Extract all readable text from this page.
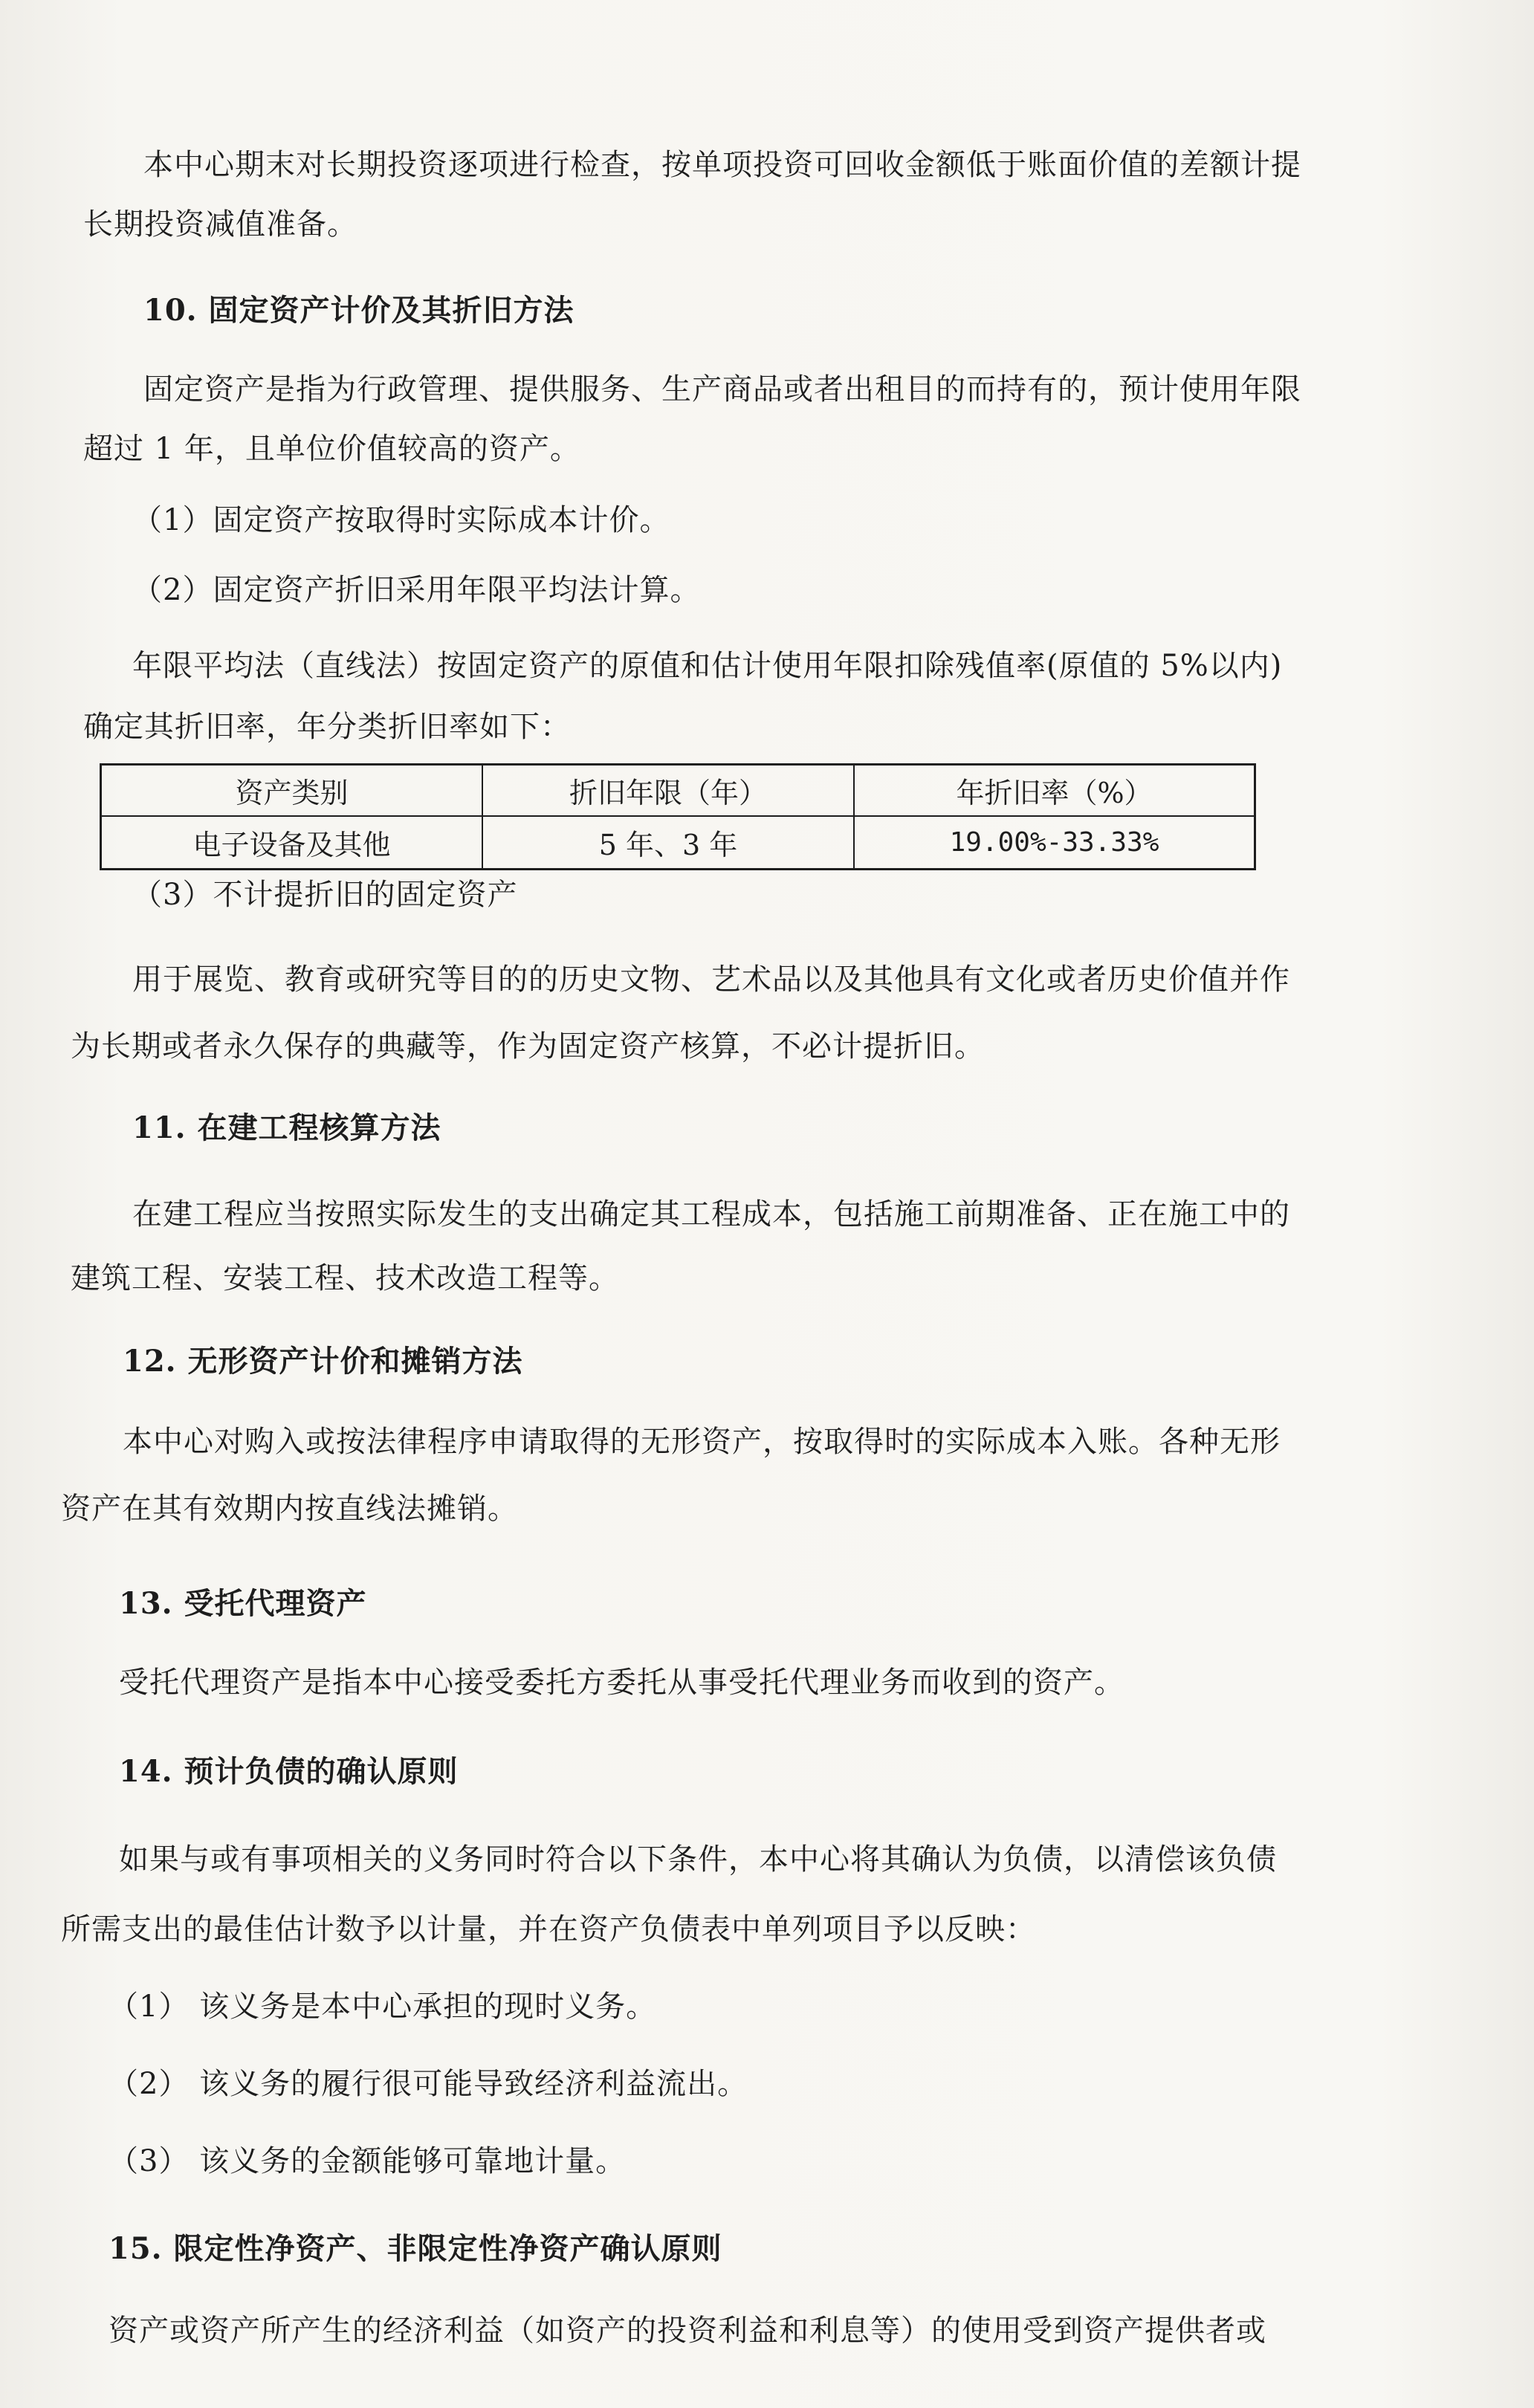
本中心期末对长期投资逐项进行检查，按单项投资可回收金额低于账面价值的差额计提
长期投资减值准备。
10. 固定资产计价及其折旧方法
固定资产是指为行政管理、提供服务、生产商品或者出租目的而持有的，预计使用年限
超过 1 年，且单位价值较高的资产。
（1）固定资产按取得时实际成本计价。
（2）固定资产折旧采用年限平均法计算。
年限平均法（直线法）按固定资产的原值和估计使用年限扣除残值率(原值的 5%以内)
确定其折旧率，年分类折旧率如下：
资产类别	折旧年限（年）	年折旧率（%）
电子设备及其他	5 年、3 年	19.00%-33.33%
（3）不计提折旧的固定资产
用于展览、教育或研究等目的的历史文物、艺术品以及其他具有文化或者历史价值并作
为长期或者永久保存的典藏等，作为固定资产核算，不必计提折旧。
11. 在建工程核算方法
在建工程应当按照实际发生的支出确定其工程成本，包括施工前期准备、正在施工中的
建筑工程、安装工程、技术改造工程等。
12. 无形资产计价和摊销方法
本中心对购入或按法律程序申请取得的无形资产，按取得时的实际成本入账。各种无形
资产在其有效期内按直线法摊销。
13. 受托代理资产
受托代理资产是指本中心接受委托方委托从事受托代理业务而收到的资产。
14. 预计负债的确认原则
如果与或有事项相关的义务同时符合以下条件，本中心将其确认为负债，以清偿该负债
所需支出的最佳估计数予以计量，并在资产负债表中单列项目予以反映：
（1） 该义务是本中心承担的现时义务。
（2） 该义务的履行很可能导致经济利益流出。
（3） 该义务的金额能够可靠地计量。
15. 限定性净资产、非限定性净资产确认原则
资产或资产所产生的经济利益（如资产的投资利益和利息等）的使用受到资产提供者或
